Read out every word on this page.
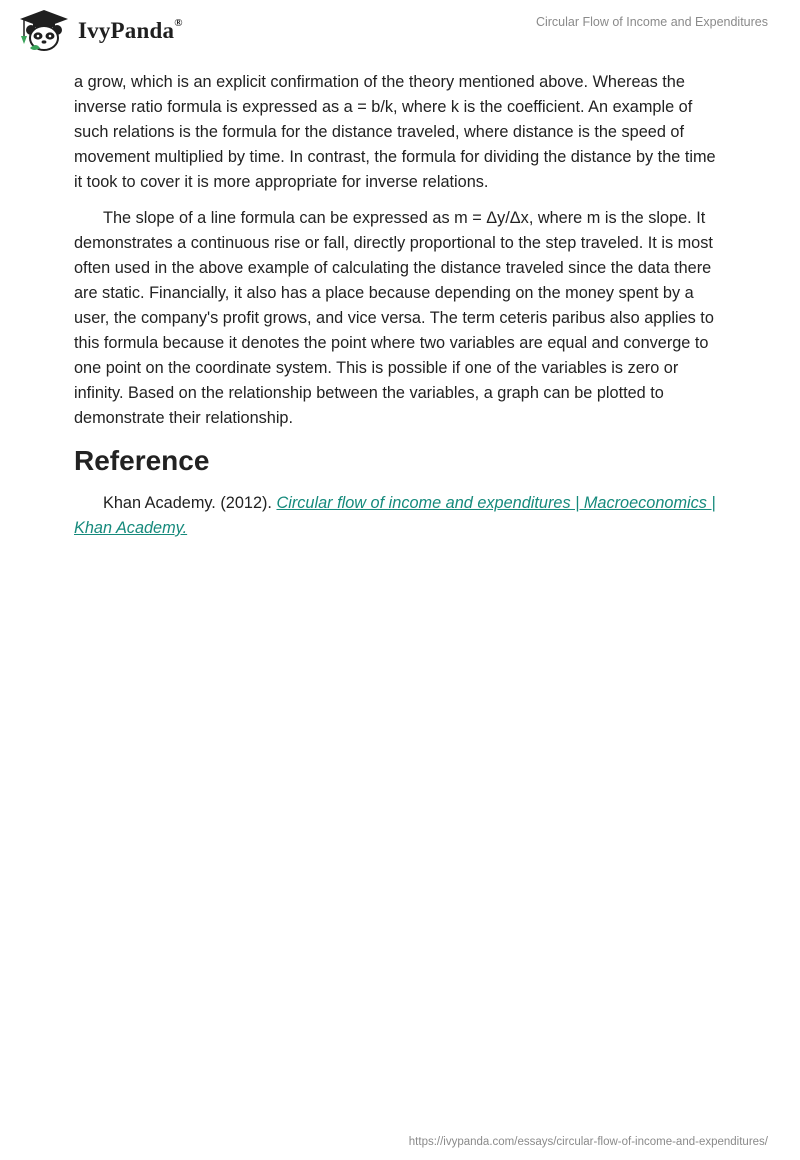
IvyPanda®	Circular Flow of Income and Expenditures

a grow, which is an explicit confirmation of the theory mentioned above. Whereas the inverse ratio formula is expressed as a = b/k, where k is the coefficient. An example of such relations is the formula for the distance traveled, where distance is the speed of movement multiplied by time. In contrast, the formula for dividing the distance by the time it took to cover it is more appropriate for inverse relations.

The slope of a line formula can be expressed as m = Δy/Δx, where m is the slope. It demonstrates a continuous rise or fall, directly proportional to the step traveled. It is most often used in the above example of calculating the distance traveled since the data there are static. Financially, it also has a place because depending on the money spent by a user, the company's profit grows, and vice versa. The term ceteris paribus also applies to this formula because it denotes the point where two variables are equal and converge to one point on the coordinate system. This is possible if one of the variables is zero or infinity. Based on the relationship between the variables, a graph can be plotted to demonstrate their relationship.

Reference

Khan Academy. (2012). Circular flow of income and expenditures | Macroeconomics | Khan Academy.

https://ivypanda.com/essays/circular-flow-of-income-and-expenditures/
